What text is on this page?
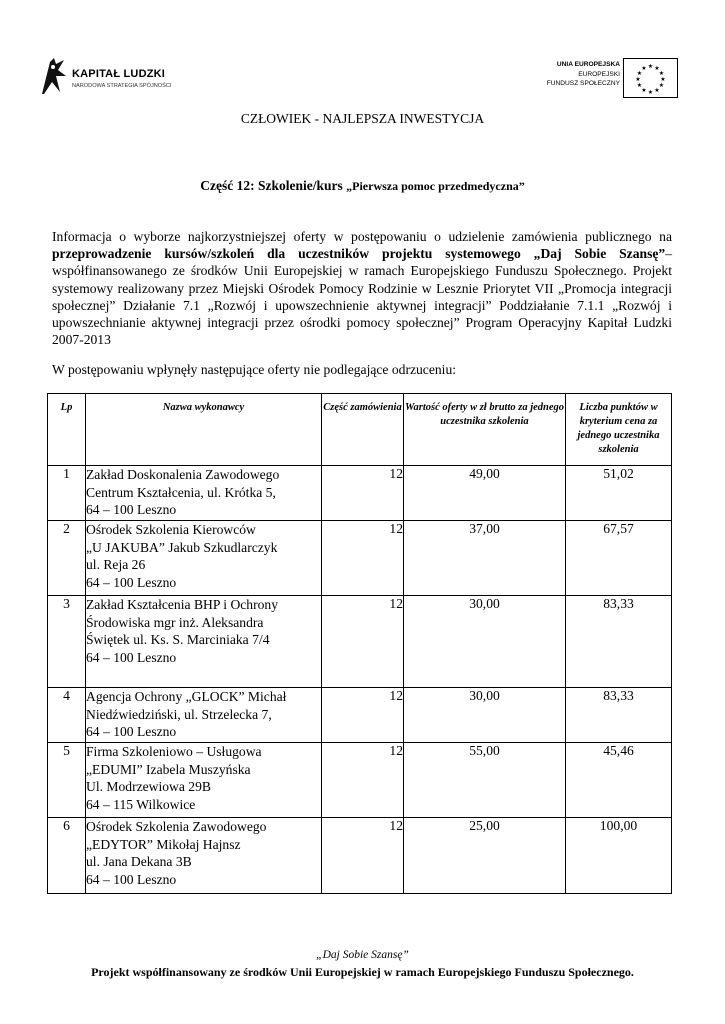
KAPITAŁ LUDZKI
NARODOWA STRATEGIA SPÓJNOŚCI
UNIA EUROPEJSKA
EUROPEJSKI
FUNDUSZ SPOŁECZNY
★ ★
★
★
★
★
★
★
★
★
★
★
CZŁOWIEK - NAJLEPSZA INWESTYCJA
Część 12: Szkolenie/kurs „Pierwsza pomoc przedmedyczna”

Informacja o wyborze najkorzystniejszej oferty w postępowaniu o udzielenie zamówienia publicznego na przeprowadzenie kursów/szkoleń dla uczestników projektu systemowego „Daj Sobie Szansę”– współfinansowanego ze środków Unii Europejskiej w ramach Europejskiego Funduszu Społecznego. Projekt systemowy realizowany przez Miejski Ośrodek Pomocy Rodzinie w Lesznie Priorytet VII „Promocja integracji społecznej” Działanie 7.1 „Rozwój i upowszechnienie aktywnej integracji” Poddziałanie 7.1.1 „Rozwój i upowszechnianie aktywnej integracji przez ośrodki pomocy społecznej” Program Operacyjny Kapitał Ludzki 2007-2013

W postępowaniu wpłynęły następujące oferty nie podlegające odrzuceniu:
Lp	Nazwa wykonawcy	Część zamówienia	Wartość oferty w zł brutto za jednego uczestnika szkolenia	Liczba punktów w kryterium cena za jednego uczestnika szkolenia
1	Zakład Doskonalenia Zawodowego
Centrum Kształcenia, ul. Krótka 5,
64 – 100 Leszno	12	49,00	51,02
2	Ośrodek Szkolenia Kierowców
„U JAKUBA” Jakub Szkudlarczyk
ul. Reja 26
64 – 100 Leszno	12	37,00	67,57
3	Zakład Kształcenia BHP i Ochrony
Środowiska mgr inż. Aleksandra
Świętek ul. Ks. S. Marciniaka 7/4
64 – 100 Leszno	12	30,00	83,33
4	Agencja Ochrony „GLOCK” Michał
Niedźwiedziński, ul. Strzelecka 7,
64 – 100 Leszno	12	30,00	83,33
5	Firma Szkoleniowo – Usługowa
„EDUMI” Izabela Muszyńska
Ul. Modrzewiowa 29B
64 – 115 Wilkowice	12	55,00	45,46
6	Ośrodek Szkolenia Zawodowego
„EDYTOR” Mikołaj Hajnsz
ul. Jana Dekana 3B
64 – 100 Leszno	12	25,00	100,00
„Daj Sobie Szansę”
Projekt współfinansowany ze środków Unii Europejskiej w ramach Europejskiego Funduszu Społecznego.
